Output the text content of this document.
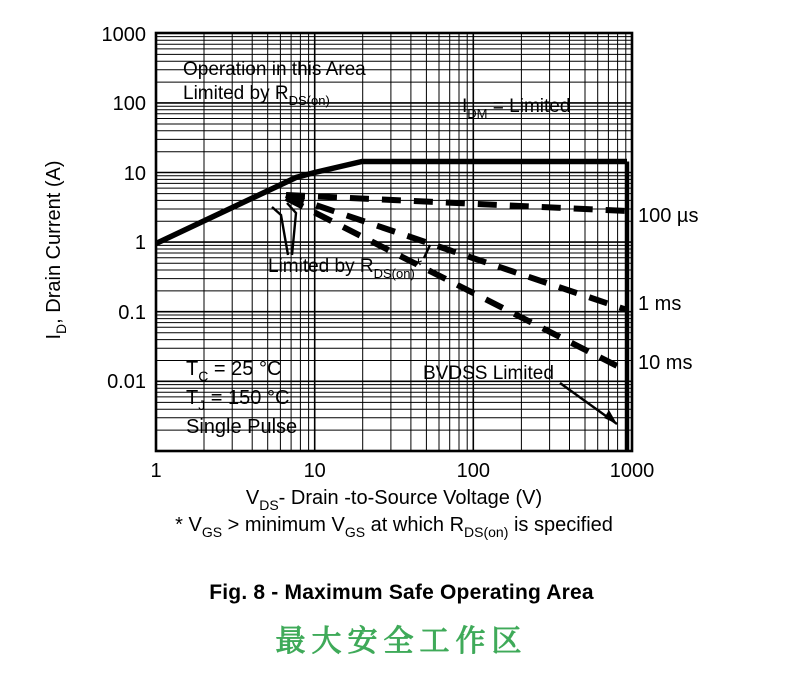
1000
100
10
1
0.1
0.01
1	10	100	1000
$I_D$, Drain Current (A)
$V_{DS}-$ Drain -to-Source Voltage (V)
* $V_{GS}$ > minimum $V_{GS}$ at which $R_{DS(on)}$ is specified
Operation in this Area
Limited by $R_{DS(on)}$	$I_{DM}$ = Limited
Limited by $R_{DS(on)}*$
BVDSS Limited
$T_C = 25$ °C
$T_J = 150$ °C
Single Pulse
100 µs
1 ms
10 ms
Fig. 8 - Maximum Safe Operating Area
最大安全工作区
